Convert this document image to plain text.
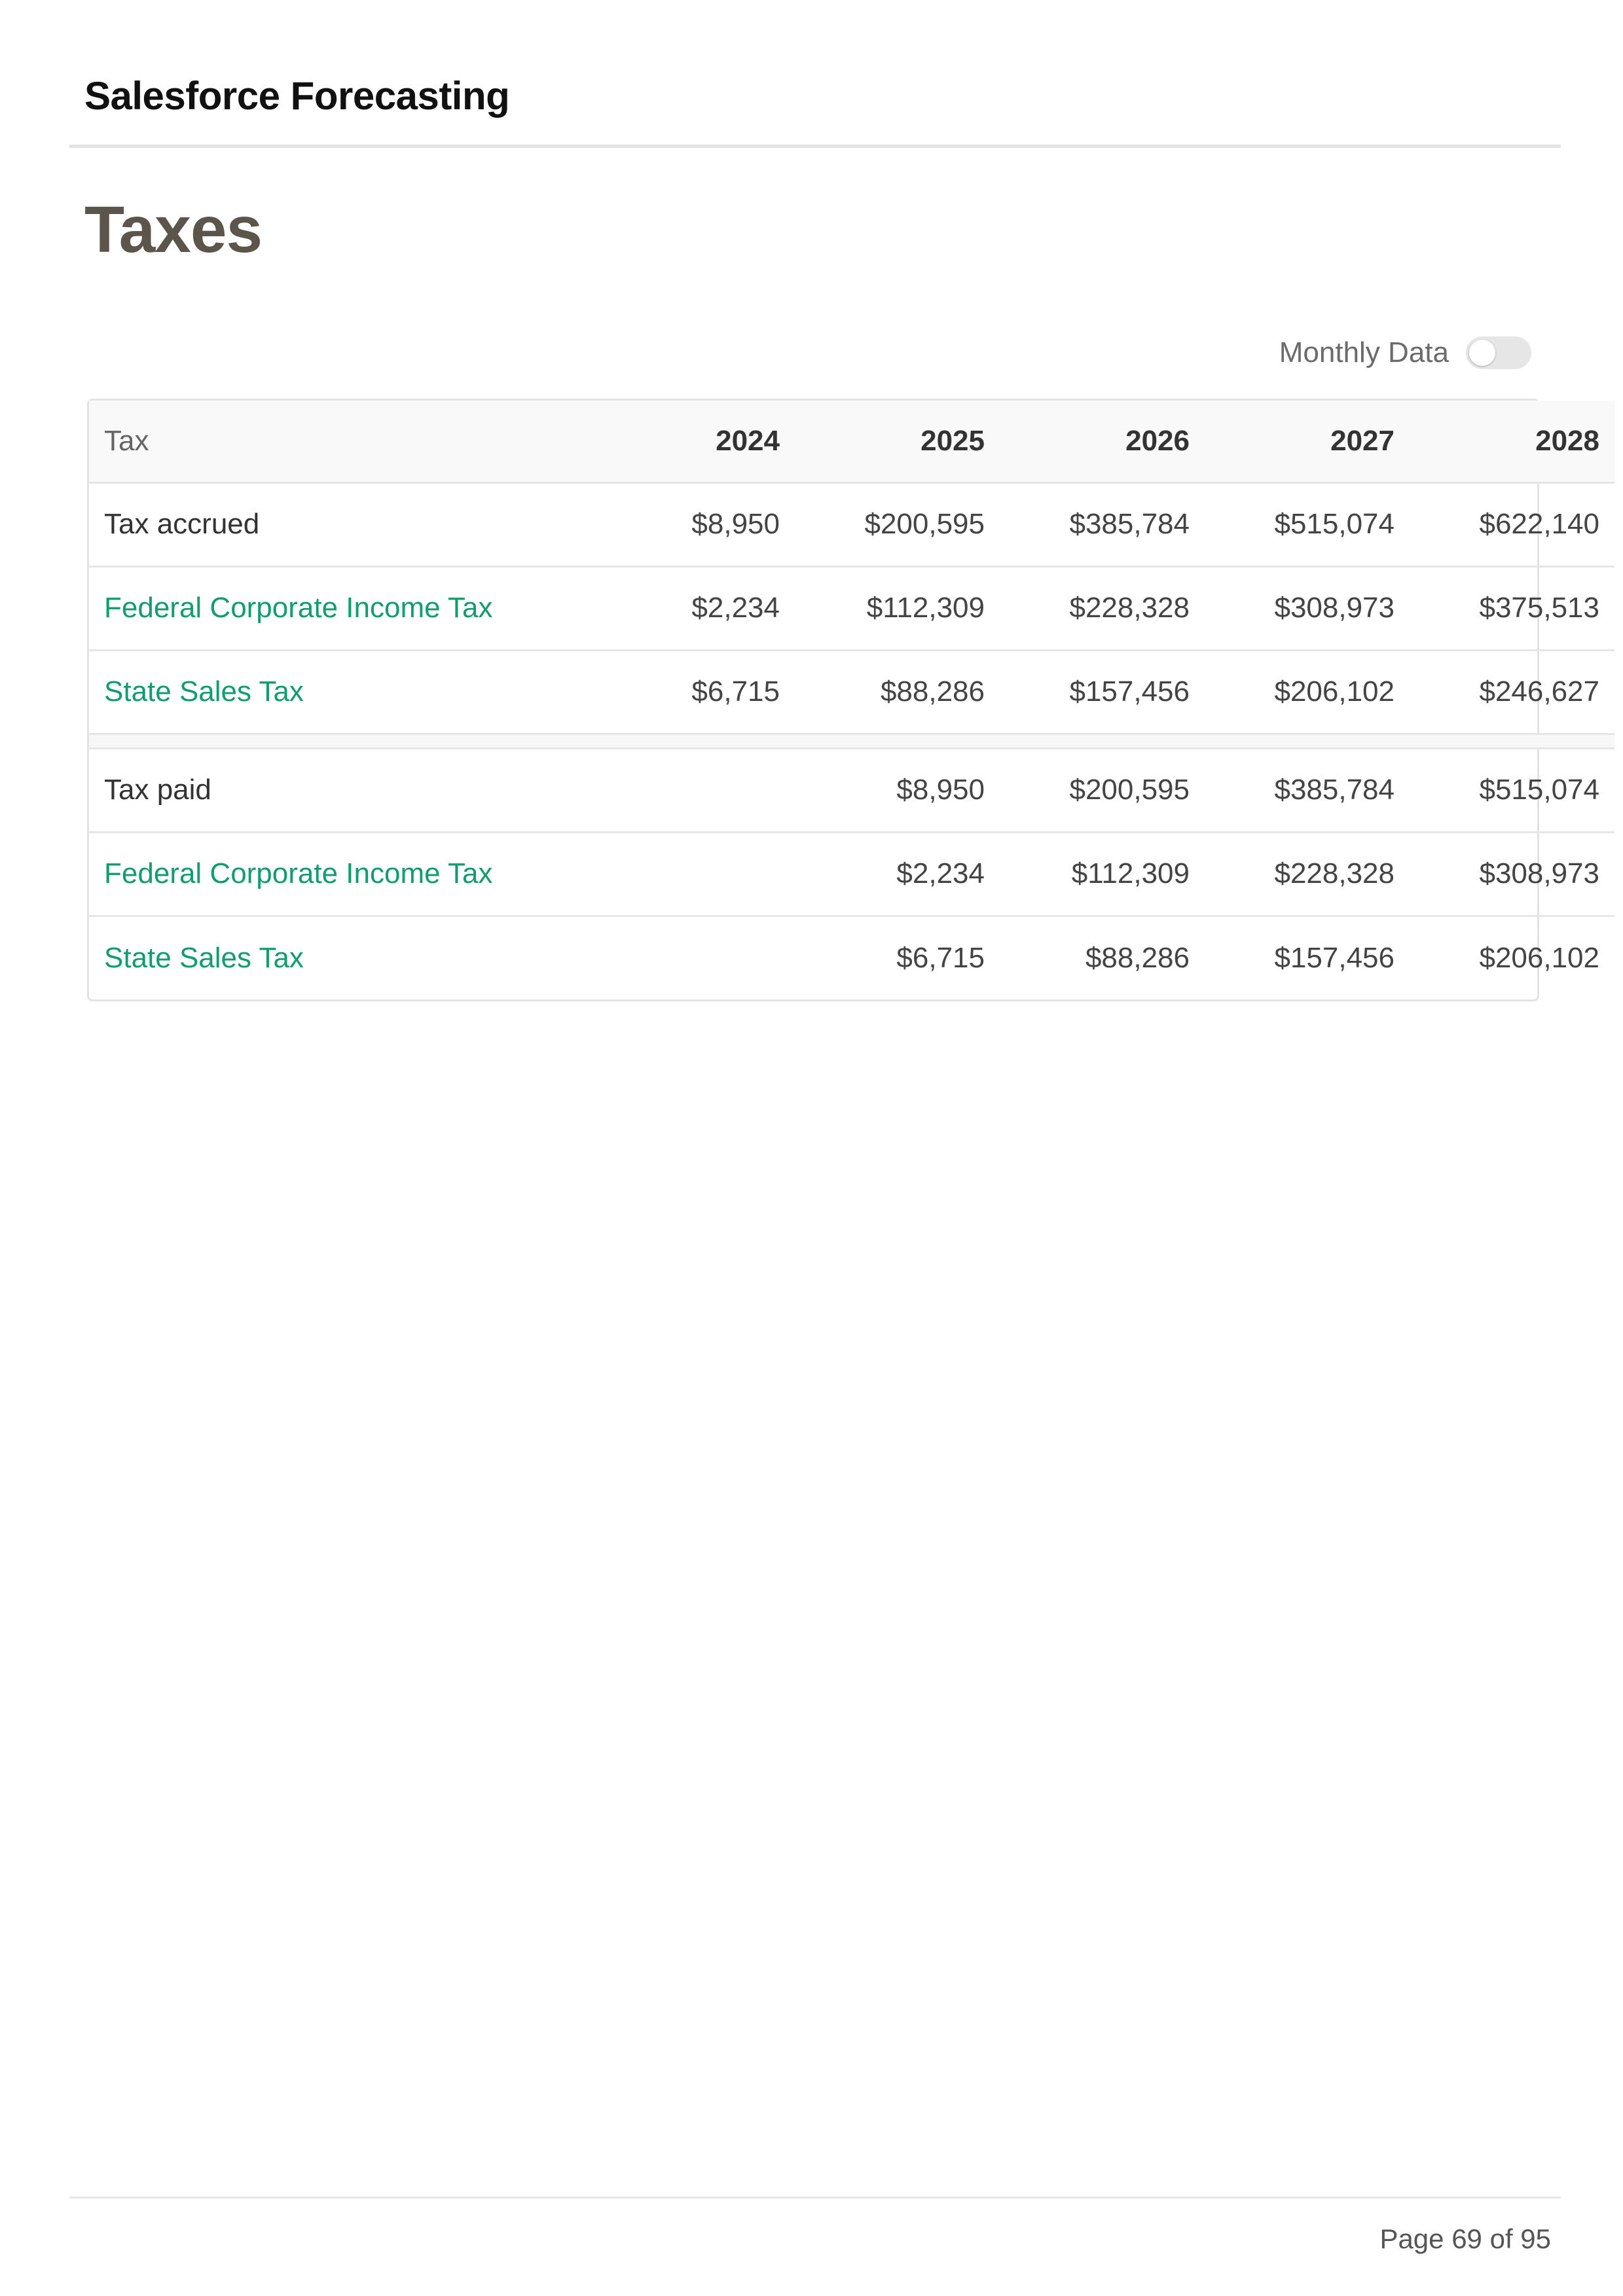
Salesforce Forecasting
Taxes
Monthly Data
Tax	2024	2025	2026	2027	2028
Tax accrued	$8,950	$200,595	$385,784	$515,074	$622,140
Federal Corporate Income Tax	$2,234	$112,309	$228,328	$308,973	$375,513
State Sales Tax	$6,715	$88,286	$157,456	$206,102	$246,627

Tax paid		$8,950	$200,595	$385,784	$515,074
Federal Corporate Income Tax		$2,234	$112,309	$228,328	$308,973
State Sales Tax		$6,715	$88,286	$157,456	$206,102
Page 69 of 95
